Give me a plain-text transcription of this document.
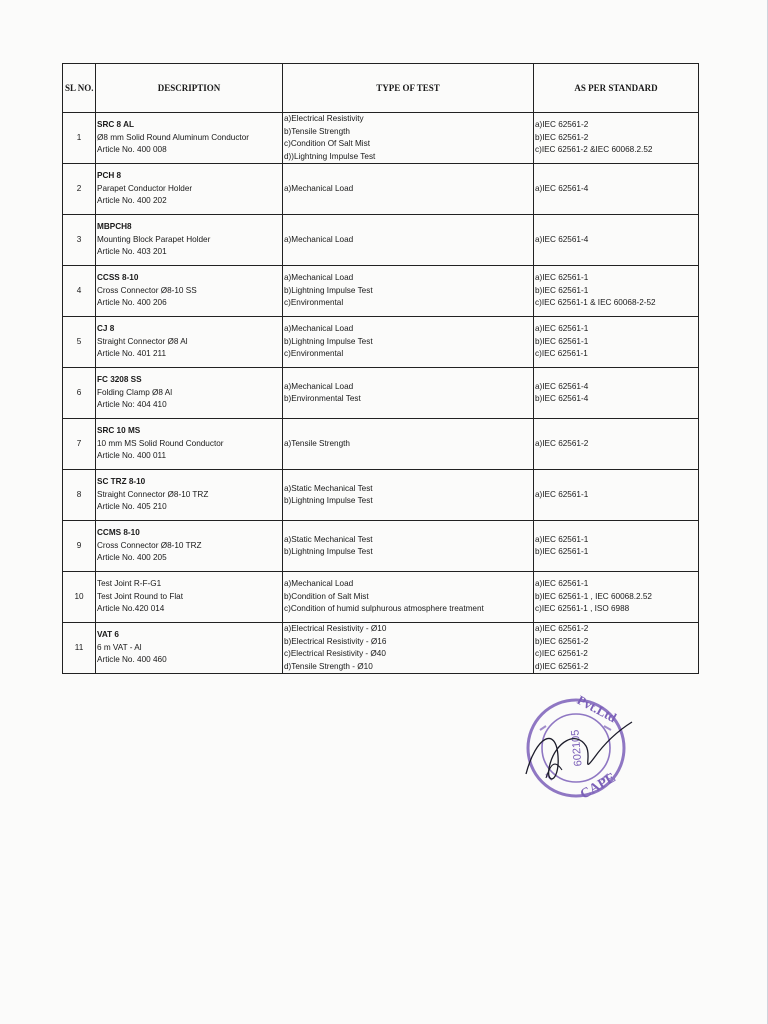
SL NO.	DESCRIPTION	TYPE OF TEST	AS PER STANDARD
1	SRC 8 AL
Ø8 mm Solid Round Aluminum Conductor
Article No. 400 008	a)Electrical Resistivity
b)Tensile Strength
c)Condition Of Salt Mist
d))Lightning Impulse Test	a)IEC 62561-2
b)IEC 62561-2
c)IEC 62561-2 &IEC 60068.2.52

2	PCH 8
Parapet Conductor Holder
Article No. 400 202	a)Mechanical Load	a)IEC 62561-4

3	MBPCH8
Mounting Block Parapet Holder
Article No. 403 201	a)Mechanical Load	a)IEC 62561-4

4	CCSS 8-10
Cross Connector Ø8-10 SS
Article No. 400 206	a)Mechanical Load
b)Lightning Impulse Test
c)Environmental	a)IEC 62561-1
b)IEC 62561-1
c)IEC 62561-1 & IEC 60068-2-52

5	CJ 8
Straight Connector Ø8 Al
Article No. 401 211	a)Mechanical Load
b)Lightning Impulse Test
c)Environmental	a)IEC 62561-1
b)IEC 62561-1
c)IEC 62561-1

6	FC 3208 SS
Folding Clamp Ø8 Al
Article No: 404 410	a)Mechanical Load
b)Environmental Test	a)IEC 62561-4
b)IEC 62561-4

7	SRC 10 MS
10 mm MS Solid Round Conductor
Article No. 400 011	a)Tensile Strength	a)IEC 62561-2

8	SC TRZ 8-10
Straight Connector Ø8-10 TRZ
Article No. 405 210	a)Static Mechanical Test
b)Lightning Impulse Test	a)IEC 62561-1

9	CCMS 8-10
Cross Connector Ø8-10 TRZ
Article No. 400 205	a)Static Mechanical Test
b)Lightning Impulse Test	a)IEC 62561-1
b)IEC 62561-1

10	Test Joint R-F-G1
Test Joint Round to Flat
Article No.420 014	a)Mechanical Load
b)Condition of Salt Mist
c)Condition of humid sulphurous atmosphere treatment	a)IEC 62561-1
b)IEC 62561-1 , IEC 60068.2.52
c)IEC 62561-1 , ISO 6988

11	VAT 6
6 m VAT - Al
Article No. 400 460	a)Electrical Resistivity - Ø10
b)Electrical Resistivity - Ø16
c)Electrical Resistivity - Ø40
d)Tensile Strength - Ø10	a)IEC 62561-2
b)IEC 62561-2
c)IEC 62561-2
d)IEC 62561-2
Pvt.Ltd
CAPE
602105
